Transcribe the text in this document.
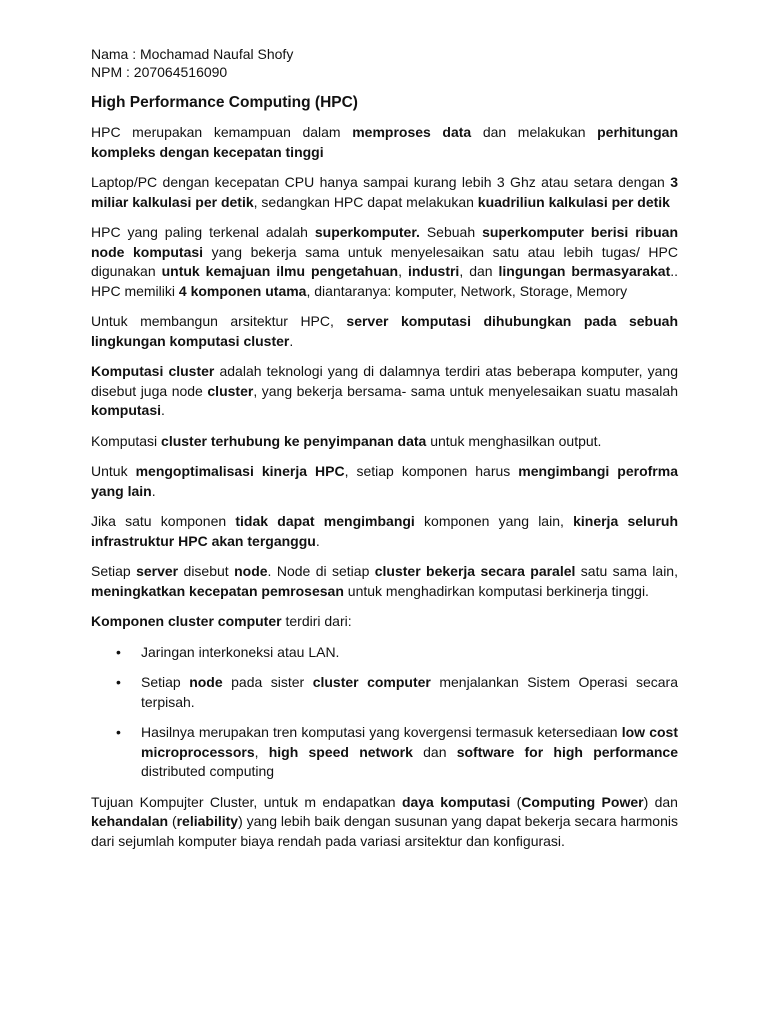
Nama : Mochamad Naufal Shofy

NPM : 207064516090

High Performance Computing (HPC)

HPC merupakan kemampuan dalam memproses data dan melakukan perhitungan kompleks dengan kecepatan tinggi

Laptop/PC dengan kecepatan CPU hanya sampai kurang lebih 3 Ghz atau setara dengan 3 miliar kalkulasi per detik, sedangkan HPC dapat melakukan kuadriliun kalkulasi per detik

HPC yang paling terkenal adalah superkomputer. Sebuah superkomputer berisi ribuan node komputasi yang bekerja sama untuk menyelesaikan satu atau lebih tugas/ HPC digunakan untuk kemajuan ilmu pengetahuan, industri, dan lingungan bermasyarakat.. HPC memiliki 4 komponen utama, diantaranya: komputer, Network, Storage, Memory

Untuk membangun arsitektur HPC, server komputasi dihubungkan pada sebuah lingkungan komputasi cluster.

Komputasi cluster adalah teknologi yang di dalamnya terdiri atas beberapa komputer, yang disebut juga node cluster, yang bekerja bersama- sama untuk menyelesaikan suatu masalah komputasi.

Komputasi cluster terhubung ke penyimpanan data untuk menghasilkan output.

Untuk mengoptimalisasi kinerja HPC, setiap komponen harus mengimbangi perofrma yang lain.

Jika satu komponen tidak dapat mengimbangi komponen yang lain, kinerja seluruh infrastruktur HPC akan terganggu.

Setiap server disebut node. Node di setiap cluster bekerja secara paralel satu sama lain, meningkatkan kecepatan pemrosesan untuk menghadirkan komputasi berkinerja tinggi.

Komponen cluster computer terdiri dari:

•	Jaringan interkoneksi atau LAN.
•	Setiap node pada sister cluster computer menjalankan Sistem Operasi secara terpisah.
•	Hasilnya merupakan tren komputasi yang kovergensi termasuk ketersediaan low cost microprocessors, high speed network dan software for high performance distributed computing

Tujuan Kompujter Cluster, untuk m endapatkan daya komputasi (Computing Power) dan kehandalan (reliability) yang lebih baik dengan susunan yang dapat bekerja secara harmonis dari sejumlah komputer biaya rendah pada variasi arsitektur dan konfigurasi.
